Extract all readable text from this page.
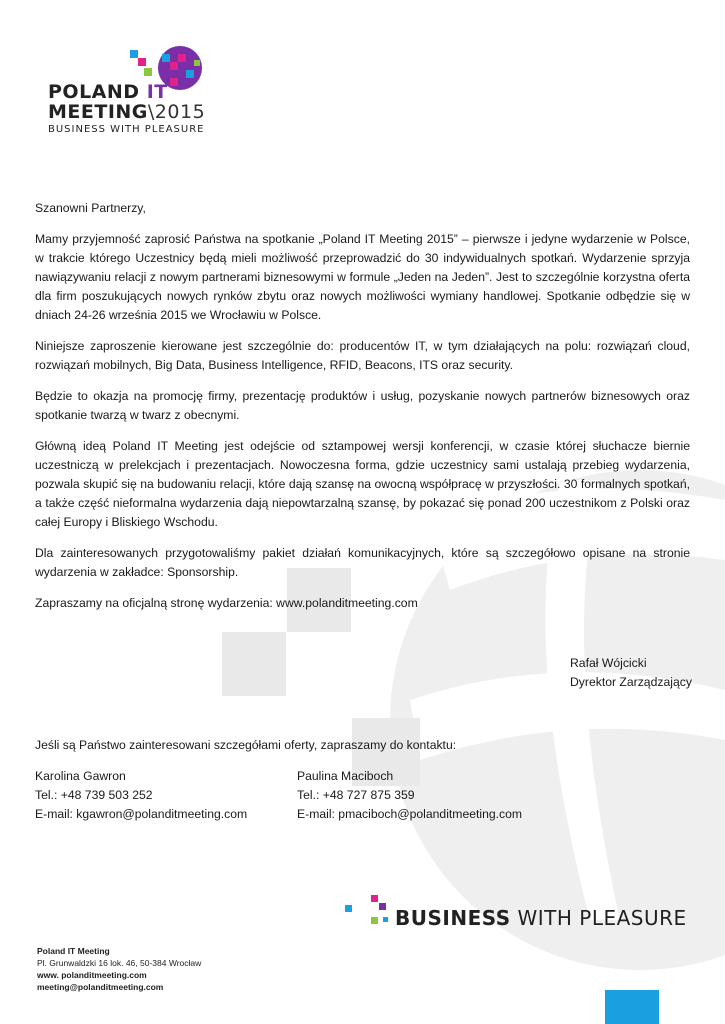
POLAND IT
MEETING\2015
BUSINESS WITH PLEASURE

Szanowni Partnerzy,

Mamy przyjemność zaprosić Państwa na spotkanie „Poland IT Meeting 2015” – pierwsze i jedyne wydarzenie w Polsce, w trakcie którego Uczestnicy będą mieli możliwość przeprowadzić do 30 indywidualnych spotkań. Wydarzenie sprzyja nawiązywaniu relacji z nowym partnerami biznesowymi w formule „Jeden na Jeden”. Jest to szczególnie korzystna oferta dla firm poszukujących nowych rynków zbytu oraz nowych możliwości wymiany handlowej. Spotkanie odbędzie się w dniach 24-26 września 2015 we Wrocławiu w Polsce.

Niniejsze zaproszenie kierowane jest szczególnie do: producentów IT, w tym działających na polu: rozwiązań cloud, rozwiązań mobilnych, Big Data, Business Intelligence, RFID, Beacons, ITS oraz security.

Będzie to okazja na promocję firmy, prezentację produktów i usług, pozyskanie nowych partnerów biznesowych oraz spotkanie twarzą w twarz z obecnymi.

Główną ideą Poland IT Meeting jest odejście od sztampowej wersji konferencji, w czasie której słuchacze biernie uczestniczą w prelekcjach i prezentacjach. Nowoczesna forma, gdzie uczestnicy sami ustalają przebieg wydarzenia, pozwala skupić się na budowaniu relacji, które dają szansę na owocną współpracę w przyszłości. 30 formalnych spotkań, a także część nieformalna wydarzenia dają niepowtarzalną szansę, by pokazać się ponad 200 uczestnikom z Polski oraz całej Europy i Bliskiego Wschodu.

Dla zainteresowanych przygotowaliśmy pakiet działań komunikacyjnych, które są szczegółowo opisane na stronie wydarzenia w zakładce: Sponsorship.

Zapraszamy na oficjalną stronę wydarzenia: www.polanditmeeting.com

Rafał Wójcicki
Dyrektor Zarządzający
Jeśli są Państwo zainteresowani szczegółami oferty, zapraszamy do kontaktu:
Karolina Gawron
Tel.: +48 739 503 252
E-mail: kgawron@polanditmeeting.com
Paulina Maciboch
Tel.: +48 727 875 359
E-mail: pmaciboch@polanditmeeting.com
BUSINESS WITH PLEASURE
Poland IT Meeting
Pl. Grunwaldzki 16 lok. 46, 50-384 Wrocław
www. polanditmeeting.com
meeting@polanditmeeting.com
